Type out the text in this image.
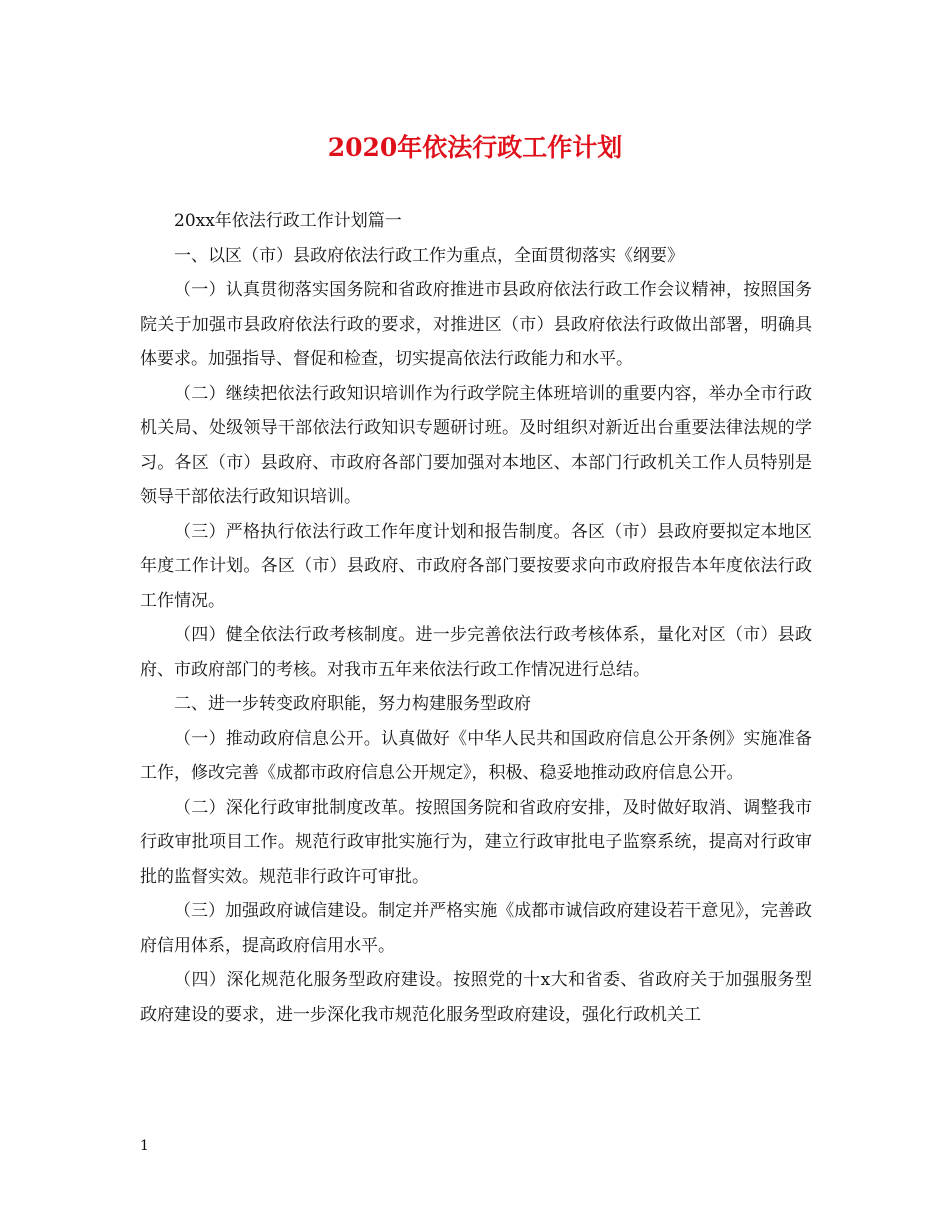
2020年依法行政工作计划

20xx年依法行政工作计划篇一

一、以区（市）县政府依法行政工作为重点，全面贯彻落实《纲要》

（一）认真贯彻落实国务院和省政府推进市县政府依法行政工作会议精神，按照国务院关于加强市县政府依法行政的要求，对推进区（市）县政府依法行政做出部署，明确具体要求。加强指导、督促和检查，切实提高依法行政能力和水平。

（二）继续把依法行政知识培训作为行政学院主体班培训的重要内容，举办全市行政机关局、处级领导干部依法行政知识专题研讨班。及时组织对新近出台重要法律法规的学习。各区（市）县政府、市政府各部门要加强对本地区、本部门行政机关工作人员特别是领导干部依法行政知识培训。

（三）严格执行依法行政工作年度计划和报告制度。各区（市）县政府要拟定本地区年度工作计划。各区（市）县政府、市政府各部门要按要求向市政府报告本年度依法行政工作情况。

（四）健全依法行政考核制度。进一步完善依法行政考核体系，量化对区（市）县政府、市政府部门的考核。对我市五年来依法行政工作情况进行总结。

二、进一步转变政府职能，努力构建服务型政府

（一）推动政府信息公开。认真做好《中华人民共和国政府信息公开条例》实施准备工作，修改完善《成都市政府信息公开规定》，积极、稳妥地推动政府信息公开。

（二）深化行政审批制度改革。按照国务院和省政府安排，及时做好取消、调整我市行政审批项目工作。规范行政审批实施行为，建立行政审批电子监察系统，提高对行政审批的监督实效。规范非行政许可审批。

（三）加强政府诚信建设。制定并严格实施《成都市诚信政府建设若干意见》，完善政府信用体系，提高政府信用水平。

（四）深化规范化服务型政府建设。按照党的十x大和省委、省政府关于加强服务型政府建设的要求，进一步深化我市规范化服务型政府建设，强化行政机关工

1
